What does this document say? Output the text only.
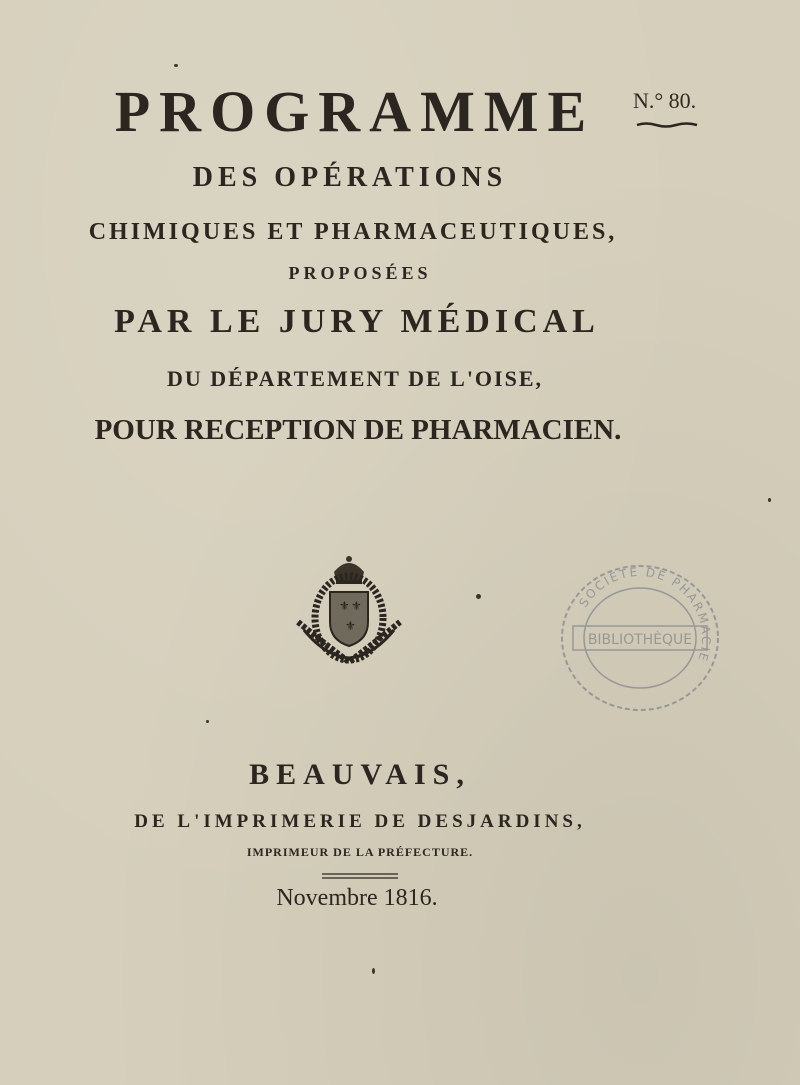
PROGRAMME	N.° 80.
DES OPÉRATIONS
CHIMIQUES ET PHARMACEUTIQUES,
PROPOSÉES
PAR LE JURY MÉDICAL
DU DÉPARTEMENT DE L'OISE,
POUR RECEPTION DE PHARMACIEN.
⚜ ⚜
⚜
SOCIÉTÉ DE PHARMACIE
BIBLIOTHÈQUE
BEAUVAIS,
DE L'IMPRIMERIE DE DESJARDINS,
IMPRIMEUR DE LA PRÉFECTURE.
Novembre 1816.
